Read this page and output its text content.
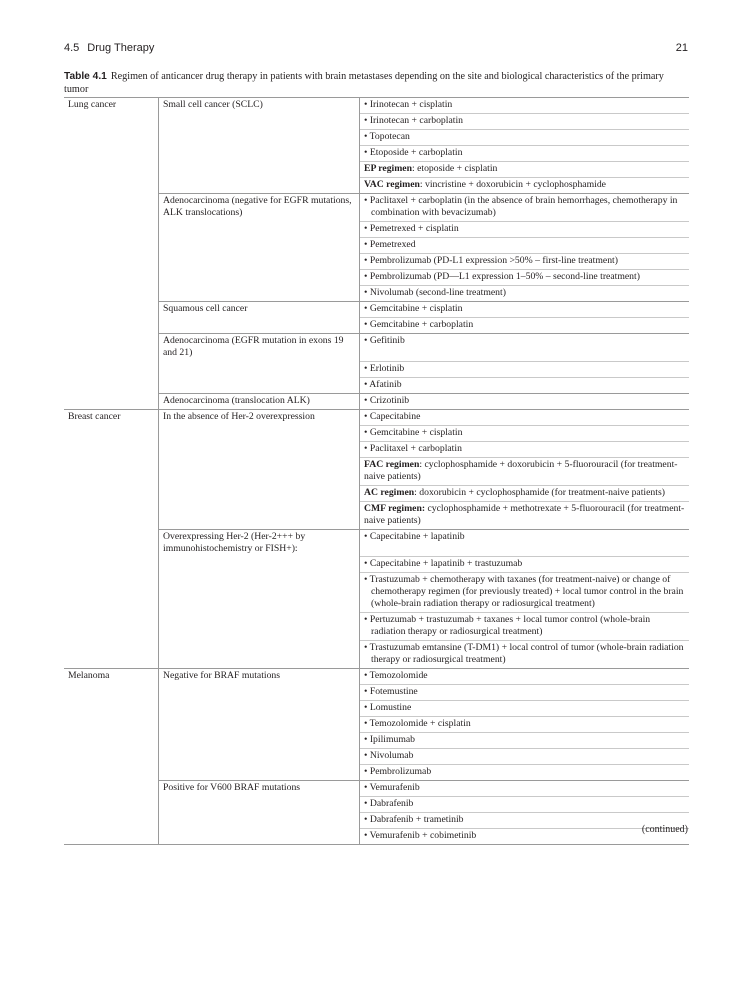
4.5 Drug Therapy	21
Table 4.1 Regimen of anticancer drug therapy in patients with brain metastases depending on the site and biological characteristics of the primary tumor
Lung cancer	Small cell cancer (SCLC)	• Irinotecan + cisplatin

		• Irinotecan + carboplatin

		• Topotecan

		• Etoposide + carboplatin

		EP regimen: etoposide + cisplatin

		VAC regimen: vincristine + doxorubicin + cyclophosphamide

	Adenocarcinoma (negative for EGFR mutations, ALK translocations)	• Paclitaxel + carboplatin (in the absence of brain hemorrhages, chemotherapy in combination with bevacizumab)

		• Pemetrexed + cisplatin

		• Pemetrexed

		• Pembrolizumab (PD-L1 expression >50% – first-line treatment)

		• Pembrolizumab (PD—L1 expression 1–50% – second-line treatment)

		• Nivolumab (second-line treatment)

	Squamous cell cancer	• Gemcitabine + cisplatin

		• Gemcitabine + carboplatin

	Adenocarcinoma (EGFR mutation in exons 19 and 21)	• Gefitinib

		• Erlotinib

		• Afatinib

	Adenocarcinoma (translocation ALK)	• Crizotinib

Breast cancer	In the absence of Her-2 overexpression	• Capecitabine

		• Gemcitabine + cisplatin

		• Paclitaxel + carboplatin

		FAC regimen: cyclophosphamide + doxorubicin + 5-fluorouracil (for treatment-naive patients)

		AC regimen: doxorubicin + cyclophosphamide (for treatment-naive patients)

		CMF regimen: cyclophosphamide + methotrexate + 5-fluorouracil (for treatment-naive patients)

	Overexpressing Her-2 (Her-2+++ by immunohistochemistry or FISH+):	• Capecitabine + lapatinib

		• Capecitabine + lapatinib + trastuzumab

		• Trastuzumab + chemotherapy with taxanes (for treatment-naive) or change of chemotherapy regimen (for previously treated) + local tumor control in the brain (whole-brain radiation therapy or radiosurgical treatment)

		• Pertuzumab + trastuzumab + taxanes + local tumor control (whole-brain radiation therapy or radiosurgical treatment)

		• Trastuzumab emtansine (T-DM1) + local control of tumor (whole-brain radiation therapy or radiosurgical treatment)

Melanoma	Negative for BRAF mutations	• Temozolomide

		• Fotemustine

		• Lomustine

		• Temozolomide + cisplatin

		• Ipilimumab

		• Nivolumab

		• Pembrolizumab

	Positive for V600 BRAF mutations	• Vemurafenib

		• Dabrafenib

		• Dabrafenib + trametinib

		• Vemurafenib + cobimetinib
(continued)
